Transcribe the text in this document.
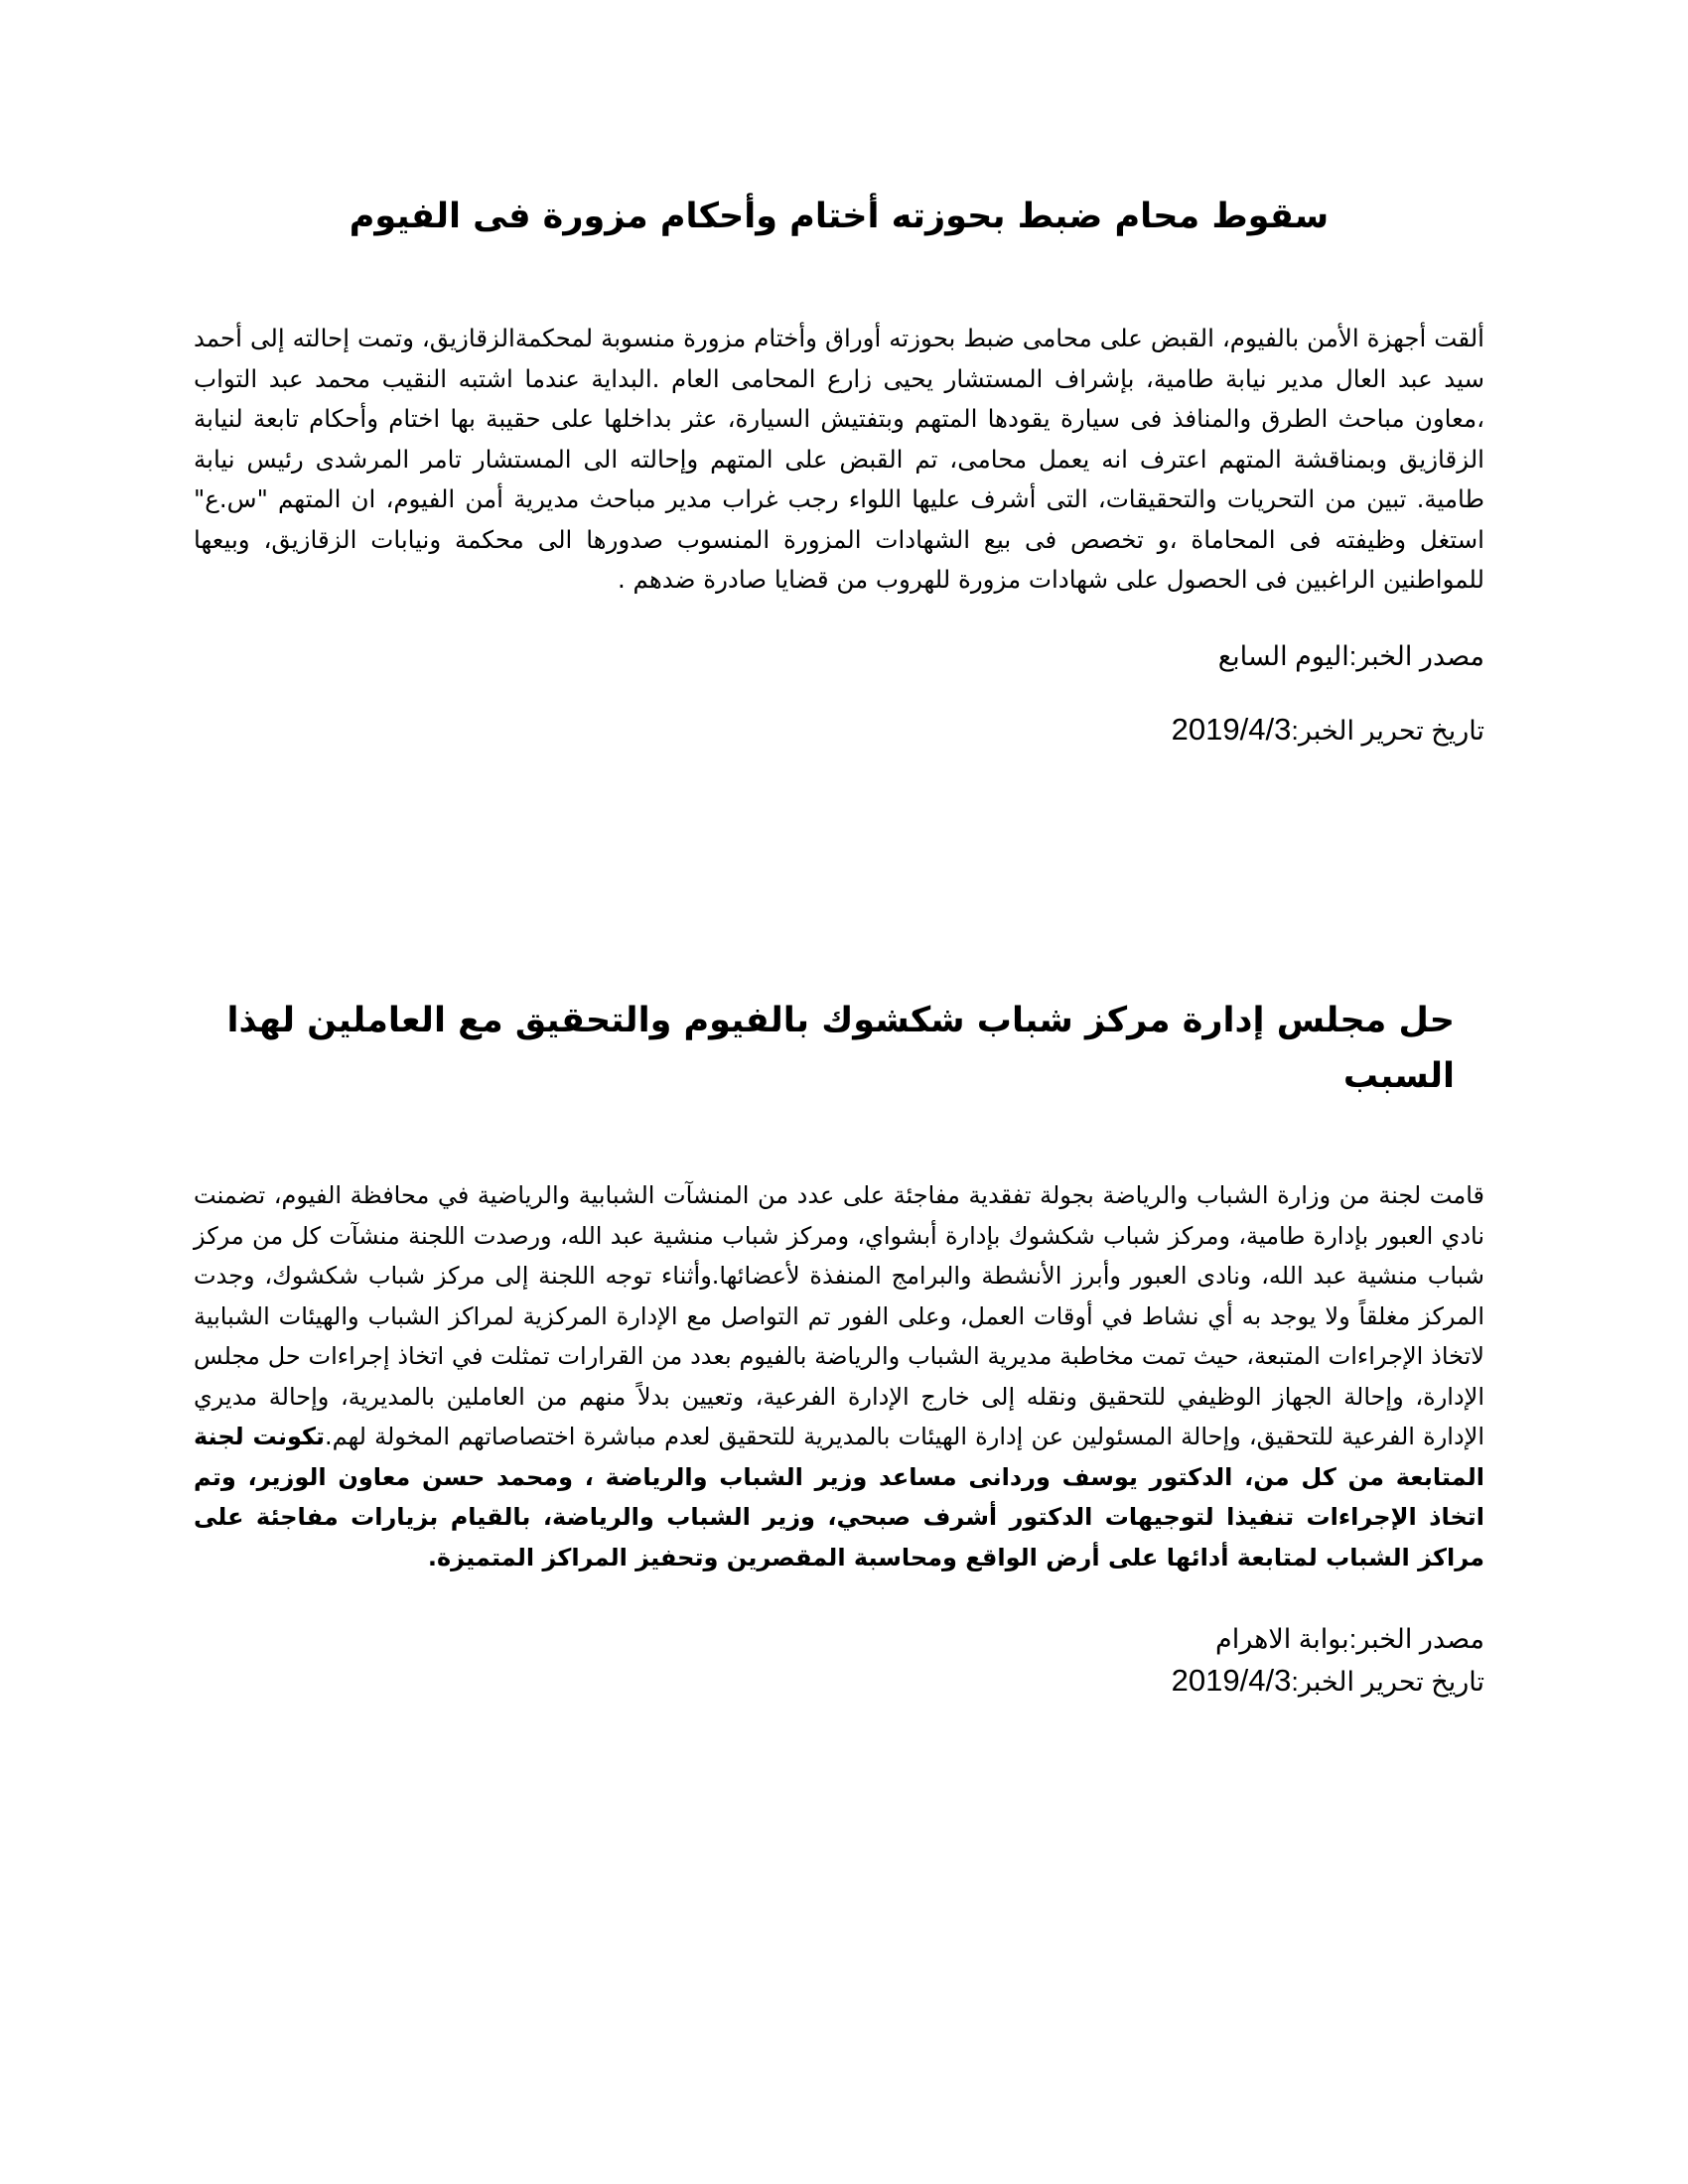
سقوط محام ضبط بحوزته أختام وأحكام مزورة فى الفيوم

ألقت أجهزة الأمن بالفيوم، القبض على محامى ضبط بحوزته أوراق وأختام مزورة منسوبة لمحكمةالزقازيق، وتمت إحالته إلى أحمد سيد عبد العال مدير نيابة طامية، بإشراف المستشار يحيى زارع المحامى العام .البداية عندما اشتبه النقيب محمد عبد التواب ،معاون مباحث الطرق والمنافذ فى سيارة يقودها المتهم وبتفتيش السيارة، عثر بداخلها على حقيبة بها اختام وأحكام تابعة لنيابة الزقازيق وبمناقشة المتهم اعترف انه يعمل محامى، تم القبض على المتهم وإحالته الى المستشار تامر المرشدى رئيس نيابة طامية. تبين من التحريات والتحقيقات، التى أشرف عليها اللواء رجب غراب مدير مباحث مديرية أمن الفيوم، ان المتهم "س.ع" استغل وظيفته فى المحاماة ،و تخصص فى بيع الشهادات المزورة المنسوب صدورها الى محكمة ونيابات الزقازيق، وبيعها للمواطنين الراغبين فى الحصول على شهادات مزورة للهروب من قضايا صادرة ضدهم .

مصدر الخبر:اليوم السابع

تاريخ تحرير الخبر:2019/4/3

حل مجلس إدارة مركز شباب شكشوك بالفيوم والتحقيق مع العاملين لهذا السبب

قامت لجنة من وزارة الشباب والرياضة بجولة تفقدية مفاجئة على عدد من المنشآت الشبابية والرياضية في محافظة الفيوم، تضمنت نادي العبور بإدارة طامية، ومركز شباب شكشوك بإدارة أبشواي، ومركز شباب منشية عبد الله، ورصدت اللجنة منشآت كل من مركز شباب منشية عبد الله، ونادى العبور وأبرز الأنشطة والبرامج المنفذة لأعضائها.وأثناء توجه اللجنة إلى مركز شباب شكشوك، وجدت المركز مغلقاً ولا يوجد به أي نشاط في أوقات العمل، وعلى الفور تم التواصل مع الإدارة المركزية لمراكز الشباب والهيئات الشبابية لاتخاذ الإجراءات المتبعة، حيث تمت مخاطبة مديرية الشباب والرياضة بالفيوم بعدد من القرارات تمثلت في اتخاذ إجراءات حل مجلس الإدارة، وإحالة الجهاز الوظيفي للتحقيق ونقله إلى خارج الإدارة الفرعية، وتعيين بدلاً منهم من العاملين بالمديرية، وإحالة مديري الإدارة الفرعية للتحقيق، وإحالة المسئولين عن إدارة الهيئات بالمديرية للتحقيق لعدم مباشرة اختصاصاتهم المخولة لهم.تكونت لجنة المتابعة من كل من، الدكتور يوسف وردانى مساعد وزير الشباب والرياضة ، ومحمد حسن معاون الوزير، وتم اتخاذ الإجراءات تنفيذا لتوجيهات الدكتور أشرف صبحي، وزير الشباب والرياضة، بالقيام بزيارات مفاجئة على مراكز الشباب لمتابعة أدائها على أرض الواقع ومحاسبة المقصرين وتحفيز المراكز المتميزة.

مصدر الخبر:بوابة الاهرام

تاريخ تحرير الخبر:2019/4/3
